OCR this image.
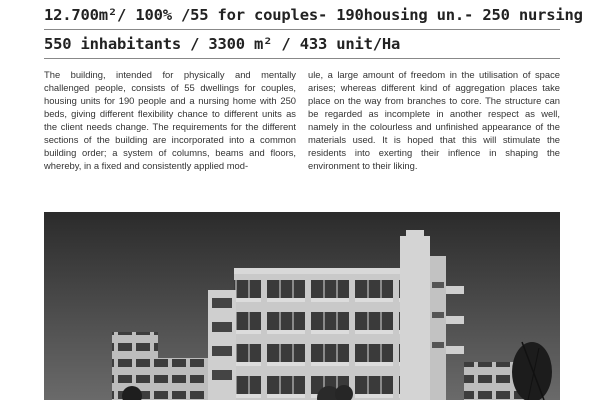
12.700m²/ 100% /55 for couples- 190housing un.- 250 nursing
550 inhabitants / 3300 m² / 433 unit/Ha
The building, intended for physically and mentally challenged people, consists of 55 dwellings for couples, housing units for 190 people and a nursing home with 250 beds, giving different flexibility chance to different units as the client needs change. The requirements for the different sections of the building are incorporated into a common building order; a system of columns, beams and floors, whereby, in a fixed and consistently applied mod-
ule, a large amount of freedom in the utilisation of space arises; whereas different kind of aggregation places take place on the way from branches to core. The structure can be regarded as incomplete in another respect as well, namely in the colourless and unfinished appearance of the materials used. It is hoped that this will stimulate the residents into exerting their inflence in shaping the environment to their liking.
